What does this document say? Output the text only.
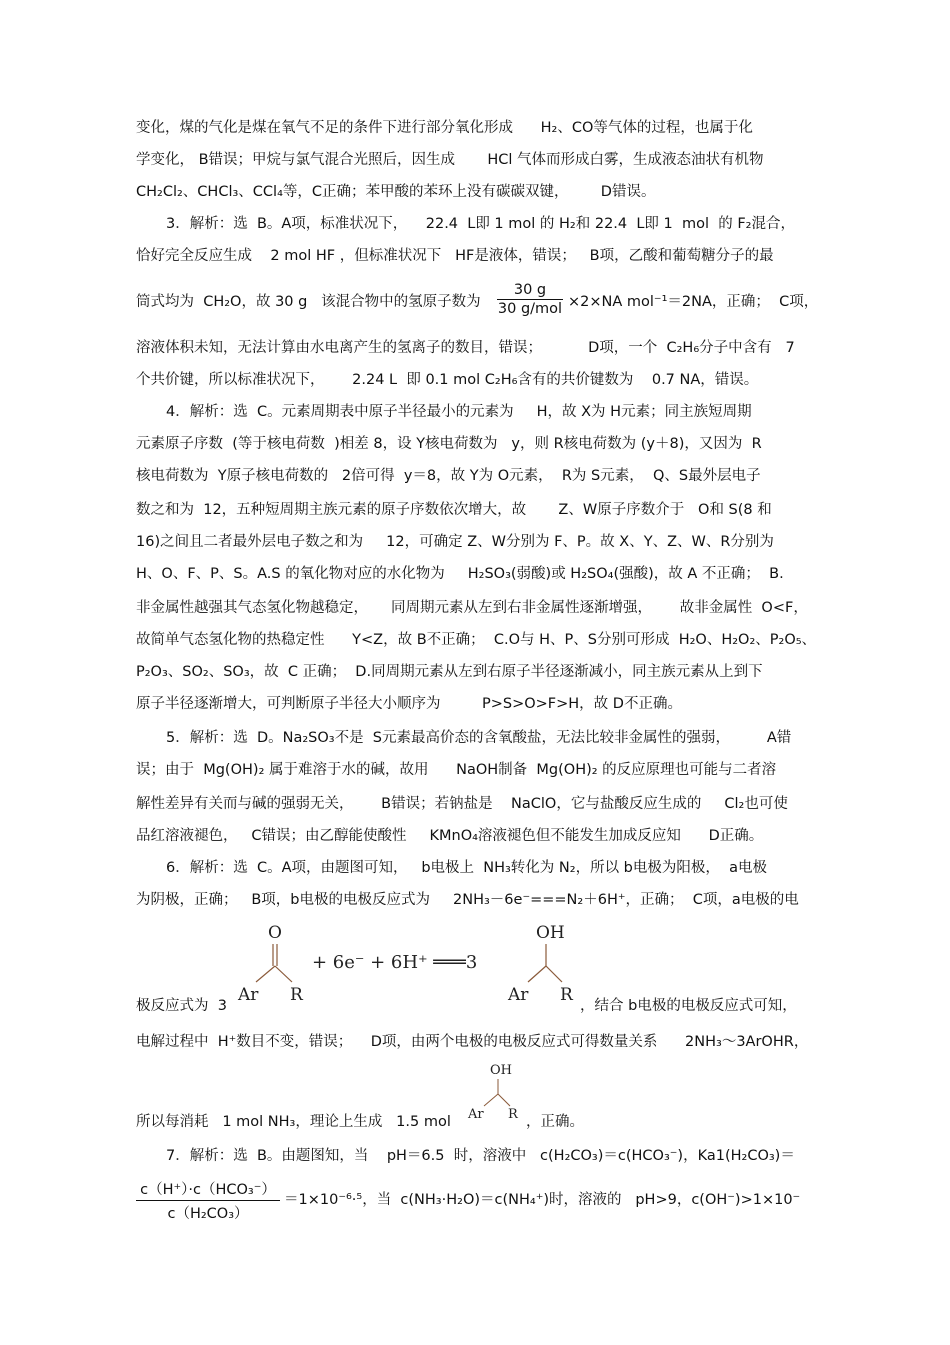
变化，煤的气化是煤在氧气不足的条件下进行部分氧化形成      H₂、CO等气体的过程，也属于化
学变化， B错误；甲烷与氯气混合光照后，因生成       HCl 气体而形成白雾，生成液态油状有机物
CH₂Cl₂、CHCl₃、CCl₄等，C正确；苯甲酸的苯环上没有碳碳双键，       D错误。
3．解析：选  B。A项，标准状况下，    22.4  L即 1 mol 的 H₂和 22.4  L即 1  mol  的 F₂混合，
恰好完全反应生成    2 mol HF ，但标准状况下   HF是液体，错误；   B项，乙酸和葡萄糖分子的最
筒式均为  CH₂O，故 30 g   该混合物中的氢原子数为
30 g
30 g/mol ×2×NA mol⁻¹＝2NA，正确；  C项，
溶液体积未知，无法计算由水电离产生的氢离子的数目，错误；          D项，一个  C₂H₆分子中含有   7
个共价键，所以标准状况下，      2.24 L  即 0.1 mol C₂H₆含有的共价键数为    0.7 NA，错误。
4．解析：选  C。元素周期表中原子半径最小的元素为     H，故 X为 H元素；同主族短周期
元素原子序数  (等于核电荷数  )相差 8，设 Y核电荷数为   y，则 R核电荷数为 (y＋8)，又因为  R
核电荷数为  Y原子核电荷数的   2倍可得  y＝8，故 Y为 O元素，  R为 S元素，  Q、S最外层电子
数之和为  12，五种短周期主族元素的原子序数依次增大，故       Z、W原子序数介于   O和 S(8 和
16)之间且二者最外层电子数之和为     12，可确定 Z、W分别为 F、P。故 X、Y、Z、W、R分别为
H、O、F、P、S。A.S 的氧化物对应的水化物为     H₂SO₃(弱酸)或 H₂SO₄(强酸)，故 A 不正确；  B.
非金属性越强其气态氢化物越稳定，     同周期元素从左到右非金属性逐渐增强，      故非金属性  O<F，
故简单气态氢化物的热稳定性      Y<Z，故 B不正确；  C.O与 H、P、S分别可形成  H₂O、H₂O₂、P₂O₅、
P₂O₃、SO₂、SO₃，故  C 正确；  D.同周期元素从左到右原子半径逐渐减小，同主族元素从上到下
原子半径逐渐增大，可判断原子半径大小顺序为         P>S>O>F>H，故 D不正确。
5．解析：选  D。Na₂SO₃不是  S元素最高价态的含氧酸盐，无法比较非金属性的强弱，        A错
误；由于  Mg(OH)₂ 属于难溶于水的碱，故用      NaOH制备  Mg(OH)₂ 的反应原理也可能与二者溶
解性差异有关而与碱的强弱无关，      B错误；若钠盐是    NaClO，它与盐酸反应生成的     Cl₂也可使
品红溶液褪色，   C错误；由乙醇能使酸性     KMnO₄溶液褪色但不能发生加成反应知      D正确。
6．解析：选  C。A项，由题图可知，   b电极上  NH₃转化为 N₂，所以 b电极为阳极，  a电极
为阴极，正确；   B项，b电极的电极反应式为     2NH₃－6e⁻===N₂＋6H⁺，正确；  C项，a电极的电
O
Ar R
+ 6e⁻ + 6H⁺ ═══3
OH
Ar R
极反应式为  3	，结合 b电极的电极反应式可知，
电解过程中  H⁺数目不变，错误；    D项，由两个电极的电极反应式可得数量关系      2NH₃～3ArOHR，
OH
Ar R
所以每消耗   1 mol NH₃，理论上生成   1.5 mol	，正确。
7．解析：选  B。由题图知，当    pH＝6.5  时，溶液中   c(H₂CO₃)＝c(HCO₃⁻)，Ka1(H₂CO₃)＝
c（H⁺）·c（HCO₃⁻）
c（H₂CO₃）
＝1×10⁻⁶·⁵，当  c(NH₃·H₂O)＝c(NH₄⁺)时，溶液的   pH>9，c(OH⁻)>1×10⁻
